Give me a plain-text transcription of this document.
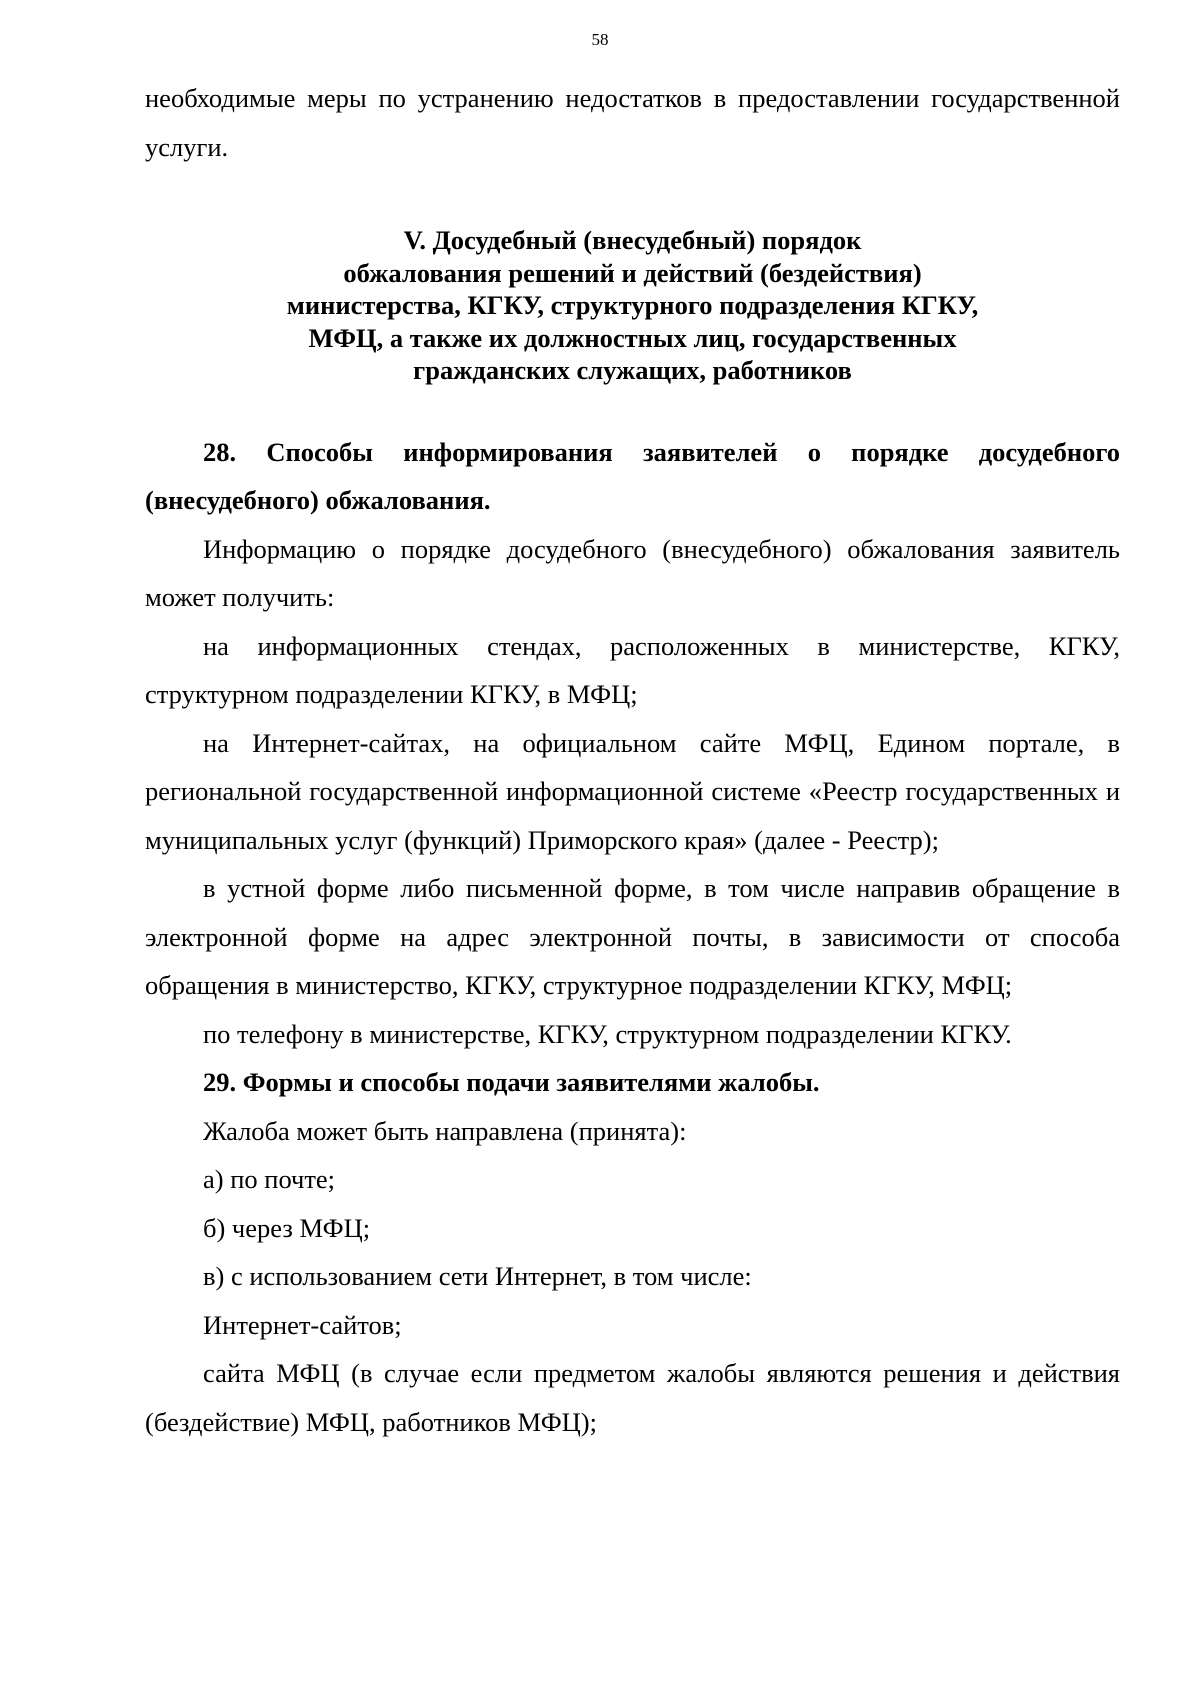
58

необходимые меры по устранению недостатков в предоставлении государственной услуги.

V. Досудебный (внесудебный) порядок
обжалования решений и действий (бездействия)
министерства, КГКУ, структурного подразделения КГКУ,
МФЦ, а также их должностных лиц, государственных
гражданских служащих, работников

28. Способы информирования заявителей о порядке досудебного (внесудебного) обжалования.

Информацию о порядке досудебного (внесудебного) обжалования заявитель может получить:

на информационных стендах, расположенных в министерстве, КГКУ, структурном подразделении КГКУ, в МФЦ;

на Интернет-сайтах, на официальном сайте МФЦ, Едином портале, в региональной государственной информационной системе «Реестр государственных и муниципальных услуг (функций) Приморского края» (далее - Реестр);

в устной форме либо письменной форме, в том числе направив обращение в электронной форме на адрес электронной почты, в зависимости от способа обращения в министерство, КГКУ, структурное подразделении КГКУ, МФЦ;

по телефону в министерстве, КГКУ, структурном подразделении КГКУ.

29. Формы и способы подачи заявителями жалобы.

Жалоба может быть направлена (принята):

а) по почте;

б) через МФЦ;

в) с использованием сети Интернет, в том числе:

Интернет-сайтов;

сайта МФЦ (в случае если предметом жалобы являются решения и действия (бездействие) МФЦ, работников МФЦ);
